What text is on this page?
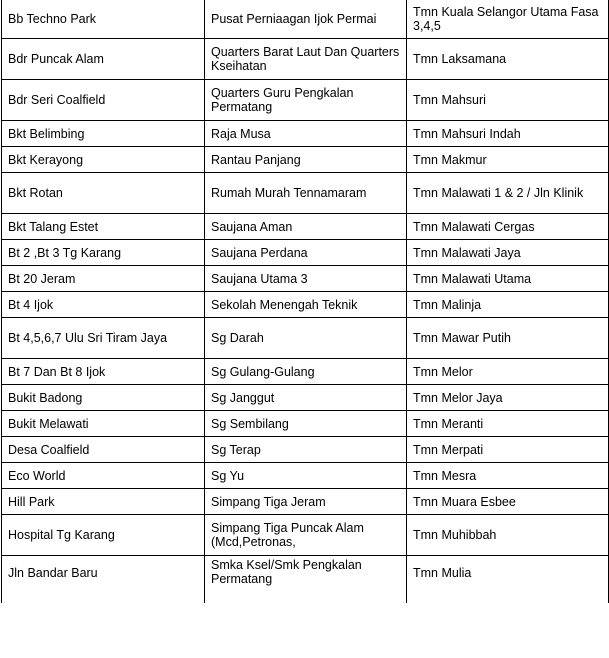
Bb Techno Park	Pusat Perniaagan Ijok Permai	Tmn Kuala Selangor Utama Fasa 3,4,5
Bdr Puncak Alam	Quarters Barat Laut Dan Quarters Kseihatan	Tmn Laksamana
Bdr Seri Coalfield	Quarters Guru Pengkalan Permatang	Tmn Mahsuri
Bkt Belimbing	Raja Musa	Tmn Mahsuri Indah
Bkt Kerayong	Rantau Panjang	Tmn Makmur
Bkt Rotan	Rumah Murah Tennamaram	Tmn Malawati 1 & 2 / Jln Klinik
Bkt Talang Estet	Saujana Aman	Tmn Malawati Cergas
Bt 2 ,Bt 3 Tg Karang	Saujana Perdana	Tmn Malawati Jaya
Bt 20 Jeram	Saujana Utama 3	Tmn Malawati Utama
Bt 4 Ijok	Sekolah Menengah Teknik	Tmn Malinja
Bt 4,5,6,7 Ulu Sri Tiram Jaya	Sg Darah	Tmn Mawar Putih
Bt 7 Dan Bt 8 Ijok	Sg Gulang-Gulang	Tmn Melor
Bukit Badong	Sg Janggut	Tmn Melor Jaya
Bukit Melawati	Sg Sembilang	Tmn Meranti
Desa Coalfield	Sg Terap	Tmn Merpati
Eco World	Sg Yu	Tmn Mesra
Hill Park	Simpang Tiga Jeram	Tmn Muara Esbee
Hospital Tg Karang	Simpang Tiga Puncak Alam (Mcd,Petronas,	Tmn Muhibbah
Jln Bandar Baru	Smka Ksel/Smk Pengkalan Permatang	Tmn Mulia
